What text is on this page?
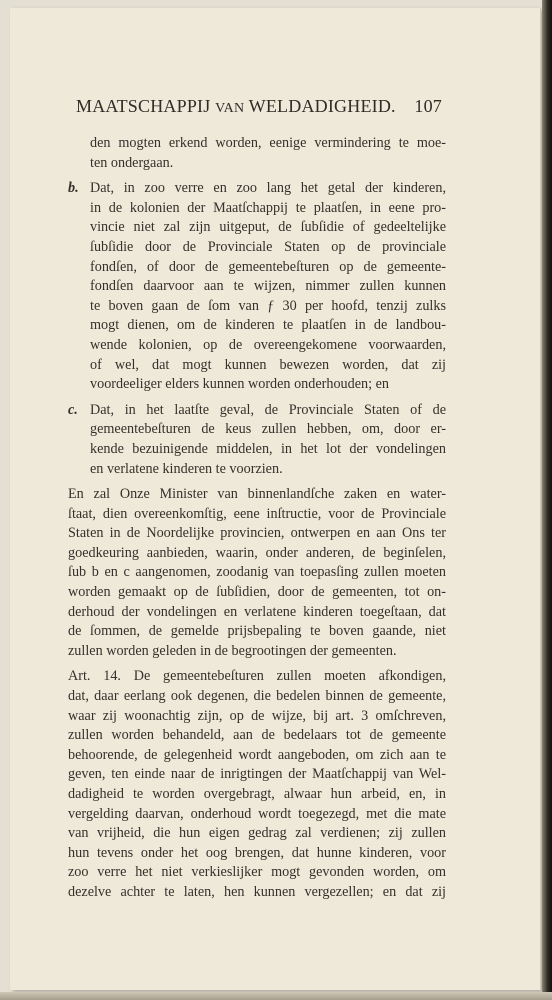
MAATSCHAPPIJ VAN WELDADIGHEID. 107
den mogten erkend worden, eenige vermindering te moe-
ten ondergaan.
b. Dat, in zoo verre en zoo lang het getal der kinderen,
in de kolonien der Maatſchappij te plaatſen, in eene pro-
vincie niet zal zijn uitgeput, de ſubſidie of gedeeltelijke
ſubſidie door de Provinciale Staten op de provinciale
fondſen, of door de gemeentebeſturen op de gemeente-
fondſen daarvoor aan te wijzen, nimmer zullen kunnen
te boven gaan de ſom van ƒ 30 per hoofd, tenzij zulks
mogt dienen, om de kinderen te plaatſen in de landbou-
wende kolonien, op de overeengekomene voorwaarden,
of wel, dat mogt kunnen bewezen worden, dat zij
voordeeliger elders kunnen worden onderhouden; en
c. Dat, in het laatſte geval, de Provinciale Staten of de
gemeentebeſturen de keus zullen hebben, om, door er-
kende bezuinigende middelen, in het lot der vondelingen
en verlatene kinderen te voorzien.
En zal Onze Minister van binnenlandſche zaken en water-
ſtaat, dien overeenkomſtig, eene inſtructie, voor de Provinciale
Staten in de Noordelijke provincien, ontwerpen en aan Ons ter
goedkeuring aanbieden, waarin, onder anderen, de beginſelen,
ſub b en c aangenomen, zoodanig van toepasſing zullen moeten
worden gemaakt op de ſubſidien, door de gemeenten, tot on-
derhoud der vondelingen en verlatene kinderen toegeſtaan, dat
de ſommen, de gemelde prijsbepaling te boven gaande, niet
zullen worden geleden in de begrootingen der gemeenten.
Art. 14. De gemeentebeſturen zullen moeten afkondigen,
dat, daar eerlang ook degenen, die bedelen binnen de gemeente,
waar zij woonachtig zijn, op de wijze, bij art. 3 omſchreven,
zullen worden behandeld, aan de bedelaars tot de gemeente
behoorende, de gelegenheid wordt aangeboden, om zich aan te
geven, ten einde naar de inrigtingen der Maatſchappij van Wel-
dadigheid te worden overgebragt, alwaar hun arbeid, en, in
vergelding daarvan, onderhoud wordt toegezegd, met die mate
van vrijheid, die hun eigen gedrag zal verdienen; zij zullen
hun tevens onder het oog brengen, dat hunne kinderen, voor
zoo verre het niet verkieslijker mogt gevonden worden, om
dezelve achter te laten, hen kunnen vergezellen; en dat zij
